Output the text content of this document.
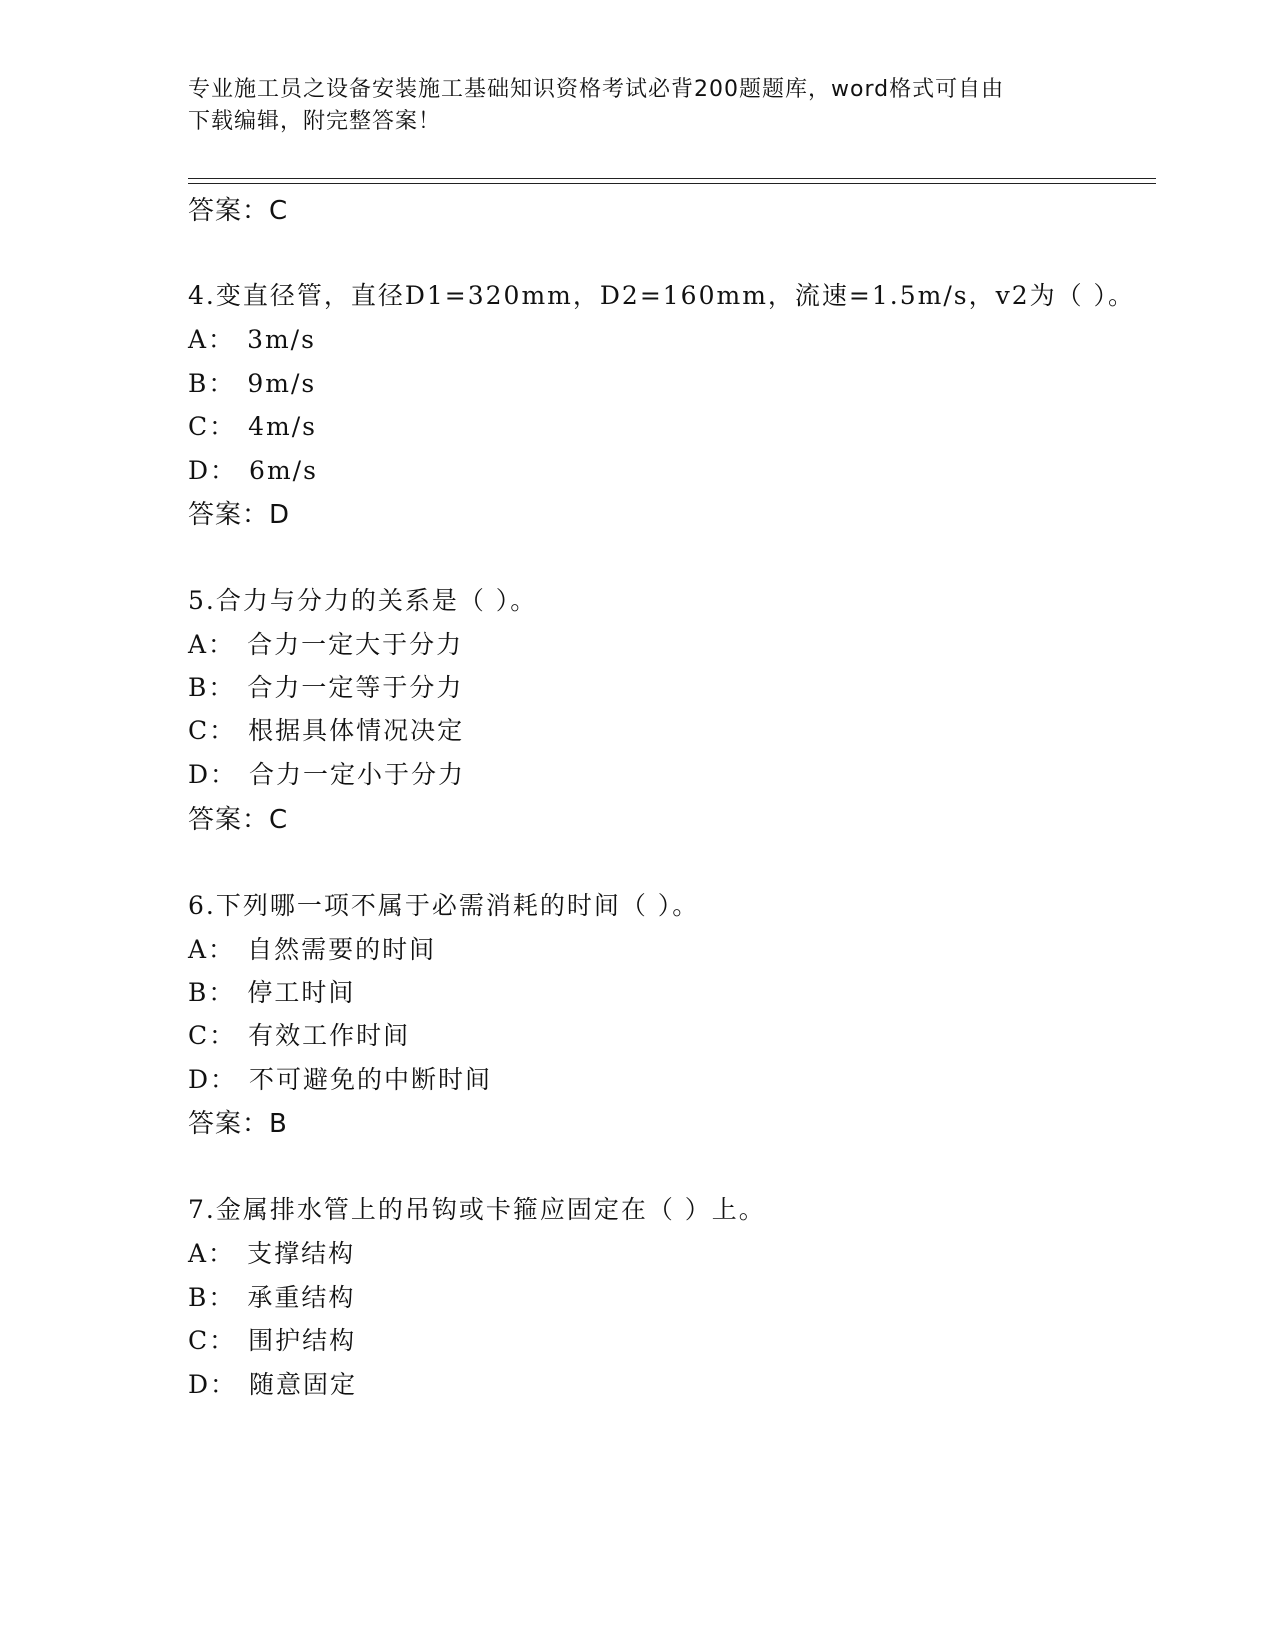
专业施工员之设备安装施工基础知识资格考试必背200题题库，word格式可自由
下载编辑，附完整答案！
答案：C
4.变直径管，直径D1=320mm，D2=160mm，流速=1.5m/s，v2为（ ）。
A： 3m/s
B： 9m/s
C： 4m/s
D： 6m/s
答案：D
5.合力与分力的关系是（ ）。
A： 合力一定大于分力
B： 合力一定等于分力
C： 根据具体情况决定
D： 合力一定小于分力
答案：C
6.下列哪一项不属于必需消耗的时间（ ）。
A： 自然需要的时间
B： 停工时间
C： 有效工作时间
D： 不可避免的中断时间
答案：B
7.金属排水管上的吊钩或卡箍应固定在（ ）上。
A： 支撑结构
B： 承重结构
C： 围护结构
D： 随意固定
